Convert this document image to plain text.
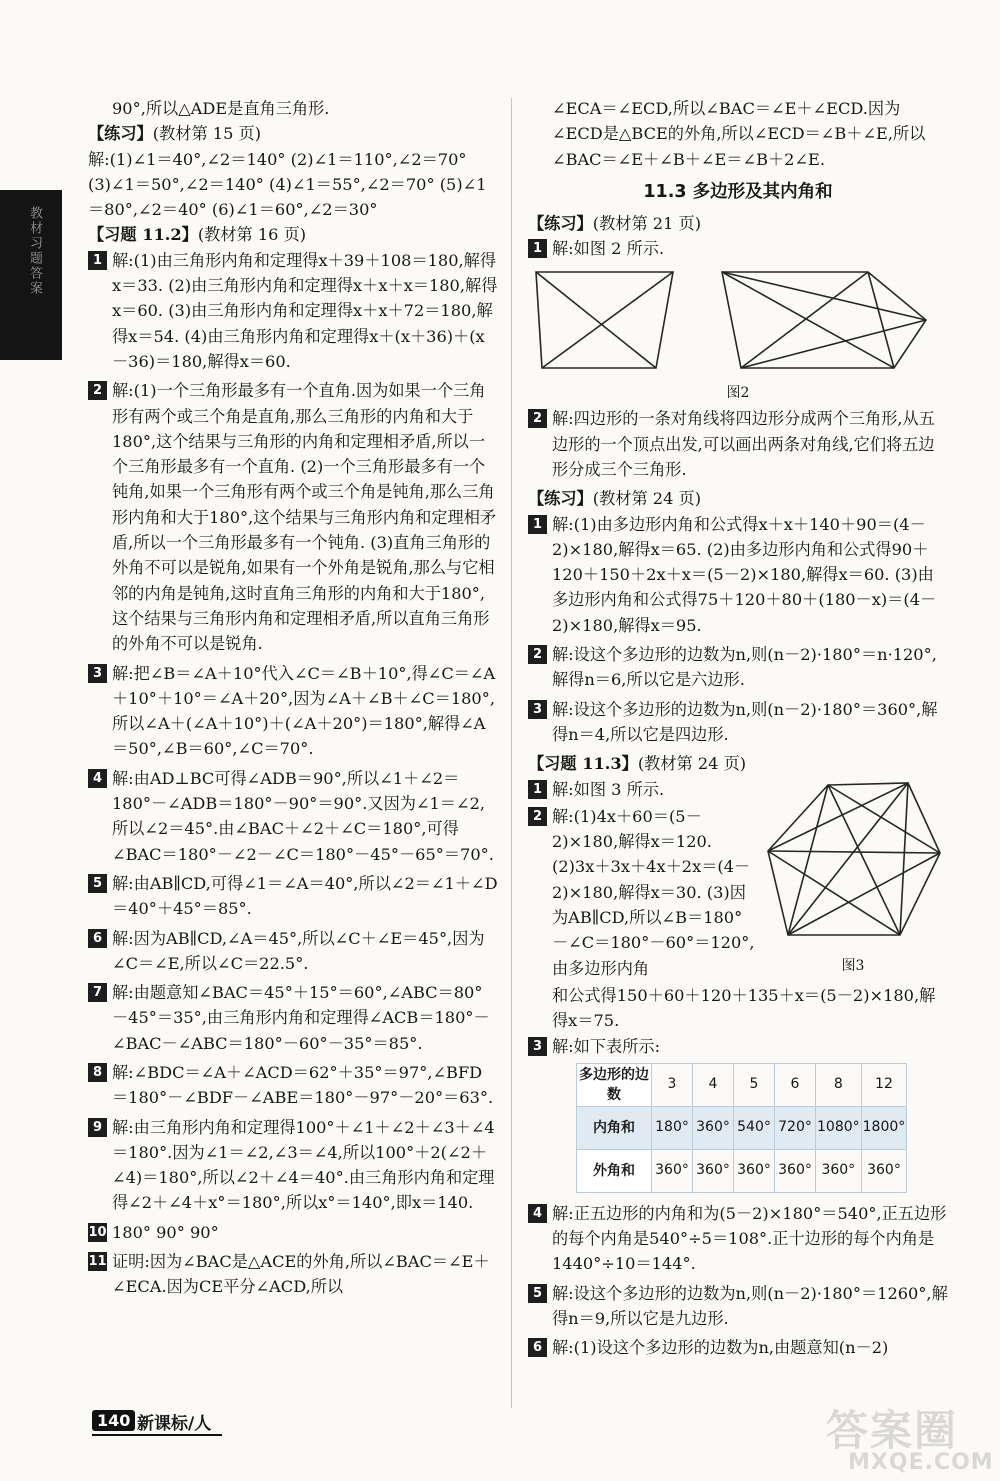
教材习题答案

90°,所以△ADE是直角三角形.

【练习】(教材第 15 页)

解:(1)∠1＝40°,∠2＝140° (2)∠1＝110°,∠2＝70° (3)∠1＝50°,∠2＝140° (4)∠1＝55°,∠2＝70° (5)∠1＝80°,∠2＝40° (6)∠1＝60°,∠2＝30°

【习题 11.2】(教材第 16 页)

1 解:(1)由三角形内角和定理得x＋39＋108＝180,解得x＝33. (2)由三角形内角和定理得x＋x＋x＝180,解得x＝60. (3)由三角形内角和定理得x＋x＋72＝180,解得x＝54. (4)由三角形内角和定理得x＋(x＋36)＋(x－36)＝180,解得x＝60.

2 解:(1)一个三角形最多有一个直角.因为如果一个三角形有两个或三个角是直角,那么三角形的内角和大于180°,这个结果与三角形的内角和定理相矛盾,所以一个三角形最多有一个直角. (2)一个三角形最多有一个钝角,如果一个三角形有两个或三个角是钝角,那么三角形内角和大于180°,这个结果与三角形内角和定理相矛盾,所以一个三角形最多有一个钝角. (3)直角三角形的外角不可以是锐角,如果有一个外角是锐角,那么与它相邻的内角是钝角,这时直角三角形的内角和大于180°,这个结果与三角形内角和定理相矛盾,所以直角三角形的外角不可以是锐角.

3 解:把∠B＝∠A＋10°代入∠C＝∠B＋10°,得∠C＝∠A＋10°＋10°＝∠A＋20°,因为∠A＋∠B＋∠C＝180°,所以∠A＋(∠A＋10°)＋(∠A＋20°)＝180°,解得∠A＝50°,∠B＝60°,∠C＝70°.

4 解:由AD⊥BC可得∠ADB＝90°,所以∠1＋∠2＝180°－∠ADB＝180°－90°＝90°.又因为∠1＝∠2,所以∠2＝45°.由∠BAC＋∠2＋∠C＝180°,可得∠BAC＝180°－∠2－∠C＝180°－45°－65°＝70°.

5 解:由AB∥CD,可得∠1＝∠A＝40°,所以∠2＝∠1＋∠D＝40°＋45°＝85°.

6 解:因为AB∥CD,∠A＝45°,所以∠C＋∠E＝45°,因为∠C＝∠E,所以∠C＝22.5°.

7 解:由题意知∠BAC＝45°＋15°＝60°,∠ABC＝80°－45°＝35°,由三角形内角和定理得∠ACB＝180°－∠BAC－∠ABC＝180°－60°－35°＝85°.

8 解:∠BDC＝∠A＋∠ACD＝62°＋35°＝97°,∠BFD＝180°－∠BDF－∠ABE＝180°－97°－20°＝63°.

9 解:由三角形内角和定理得100°＋∠1＋∠2＋∠3＋∠4＝180°.因为∠1＝∠2,∠3＝∠4,所以100°＋2(∠2＋∠4)＝180°,所以∠2＋∠4＝40°.由三角形内角和定理得∠2＋∠4＋x°＝180°,所以x°＝140°,即x＝140.

10 180° 90° 90°

11 证明:因为∠BAC是△ACE的外角,所以∠BAC＝∠E＋∠ECA.因为CE平分∠ACD,所以

∠ECA＝∠ECD,所以∠BAC＝∠E＋∠ECD.因为∠ECD是△BCE的外角,所以∠ECD＝∠B＋∠E,所以∠BAC＝∠E＋∠B＋∠E＝∠B＋2∠E.

11.3 多边形及其内角和

【练习】(教材第 21 页)

1 解:如图 2 所示.

图2

2 解:四边形的一条对角线将四边形分成两个三角形,从五边形的一个顶点出发,可以画出两条对角线,它们将五边形分成三个三角形.

【练习】(教材第 24 页)

1 解:(1)由多边形内角和公式得x＋x＋140＋90＝(4－2)×180,解得x＝65. (2)由多边形内角和公式得90＋120＋150＋2x＋x＝(5－2)×180,解得x＝60. (3)由多边形内角和公式得75＋120＋80＋(180－x)＝(4－2)×180,解得x＝95.

2 解:设这个多边形的边数为n,则(n－2)·180°＝n·120°,解得n＝6,所以它是六边形.

3 解:设这个多边形的边数为n,则(n－2)·180°＝360°,解得n＝4,所以它是四边形.

【习题 11.3】(教材第 24 页)

图3

1 解:如图 3 所示.

2 解:(1)4x＋60＝(5－2)×180,解得x＝120. (2)3x＋3x＋4x＋2x＝(4－2)×180,解得x＝30. (3)因为AB∥CD,所以∠B＝180°－∠C＝180°－60°＝120°,由多边形内角

和公式得150＋60＋120＋135＋x＝(5－2)×180,解得x＝75.

3 解:如下表所示:

多边形的边数	3	4	5	6	8	12
内角和	180°	360°	540°	720°	1080°	1800°
外角和	360°	360°	360°	360°	360°	360°
4 解:正五边形的内角和为(5－2)×180°＝540°,正五边形的每个内角是540°÷5＝108°.正十边形的每个内角是1440°÷10＝144°.

5 解:设这个多边形的边数为n,则(n－2)·180°＝1260°,解得n＝9,所以它是九边形.

6 解:(1)设这个多边形的边数为n,由题意知(n－2)

140 新课标/人	答案圈
MXQE.COM
